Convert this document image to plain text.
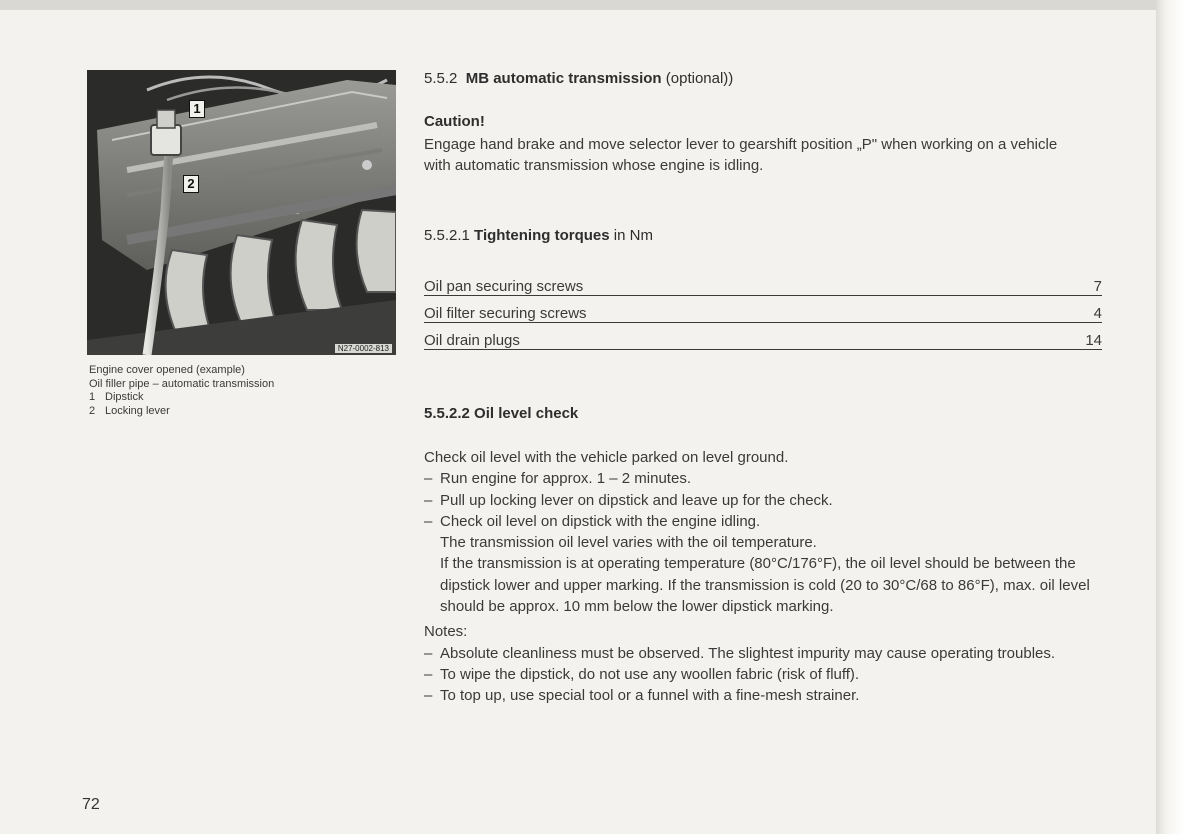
1
2
N27-0002-813
Engine cover opened (example)
Oil filler pipe – automatic transmission
1 Dipstick
2 Locking lever
5.5.2 MB automatic transmission (optional))
Caution!
Engage hand brake and move selector lever to gearshift position „P" when working on a vehicle with automatic transmission whose engine is idling.
5.5.2.1 Tightening torques in Nm
Oil pan securing screws	7
Oil filter securing screws	4
Oil drain plugs	14
5.5.2.2 Oil level check

Check oil level with the vehicle parked on level ground.

– Run engine for approx. 1 – 2 minutes.

– Pull up locking lever on dipstick and leave up for the check.

– Check oil level on dipstick with the engine idling.

The transmission oil level varies with the oil temperature.

If the transmission is at operating temperature (80°C/176°F), the oil level should be between the dipstick lower and upper marking. If the transmission is cold (20 to 30°C/68 to 86°F), max. oil level should be approx. 10 mm below the lower dipstick marking.

Notes:

– Absolute cleanliness must be observed. The slightest impurity may cause operating troubles.

– To wipe the dipstick, do not use any woollen fabric (risk of fluff).

– To top up, use special tool or a funnel with a fine-mesh strainer.

72
